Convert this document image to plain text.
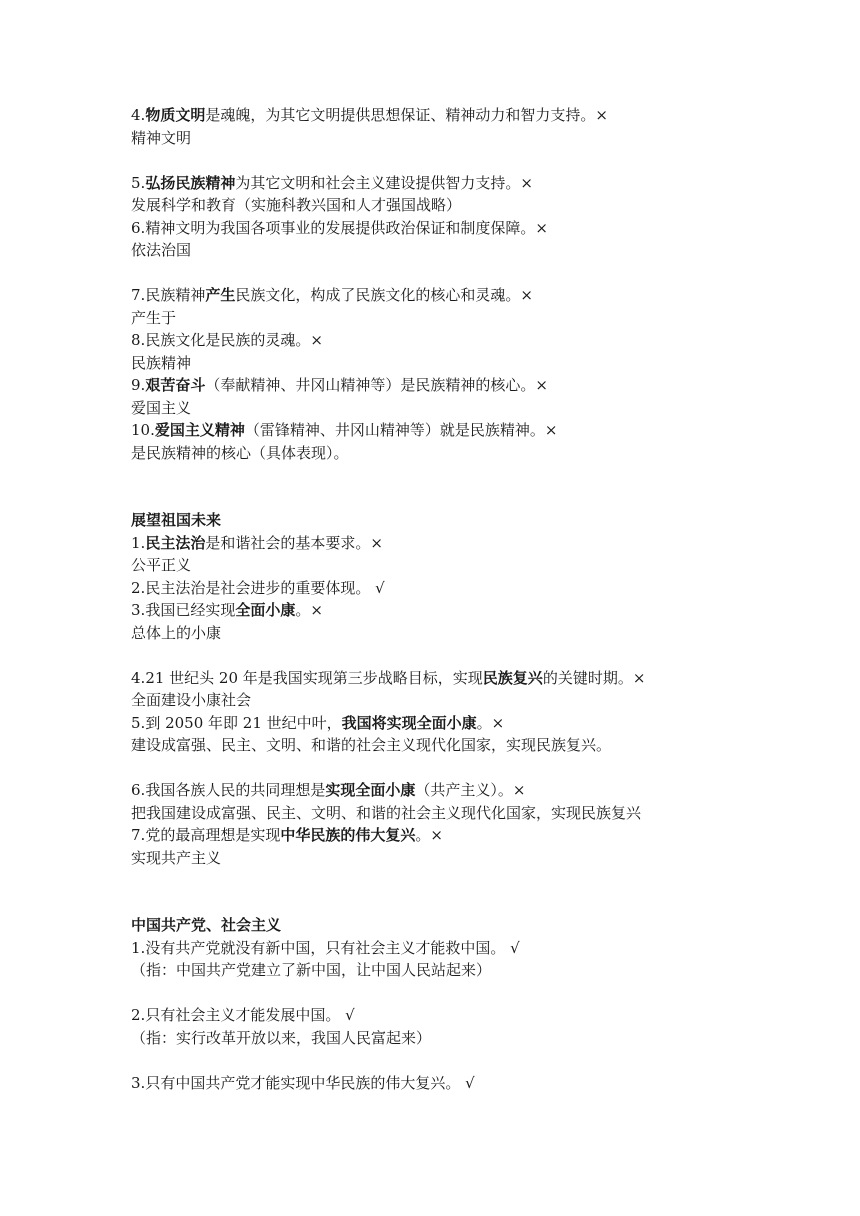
4.物质文明是魂魄，为其它文明提供思想保证、精神动力和智力支持。×
精神文明
5.弘扬民族精神为其它文明和社会主义建设提供智力支持。×
发展科学和教育（实施科教兴国和人才强国战略）
6.精神文明为我国各项事业的发展提供政治保证和制度保障。×
依法治国
7.民族精神产生民族文化，构成了民族文化的核心和灵魂。×
产生于
8.民族文化是民族的灵魂。×
民族精神
9.艰苦奋斗（奉献精神、井冈山精神等）是民族精神的核心。×
爱国主义
10.爱国主义精神（雷锋精神、井冈山精神等）就是民族精神。×
是民族精神的核心（具体表现）。
展望祖国未来
1.民主法治是和谐社会的基本要求。×
公平正义
2.民主法治是社会进步的重要体现。 √
3.我国已经实现全面小康。×
总体上的小康
4.21 世纪头 20 年是我国实现第三步战略目标，实现民族复兴的关键时期。×
全面建设小康社会
5.到 2050 年即 21 世纪中叶，我国将实现全面小康。×
建设成富强、民主、文明、和谐的社会主义现代化国家，实现民族复兴。
6.我国各族人民的共同理想是实现全面小康（共产主义）。×
把我国建设成富强、民主、文明、和谐的社会主义现代化国家，实现民族复兴
7.党的最高理想是实现中华民族的伟大复兴。×
实现共产主义
中国共产党、社会主义
1.没有共产党就没有新中国，只有社会主义才能救中国。 √
（指：中国共产党建立了新中国，让中国人民站起来）
2.只有社会主义才能发展中国。 √
（指：实行改革开放以来，我国人民富起来）
3.只有中国共产党才能实现中华民族的伟大复兴。 √
